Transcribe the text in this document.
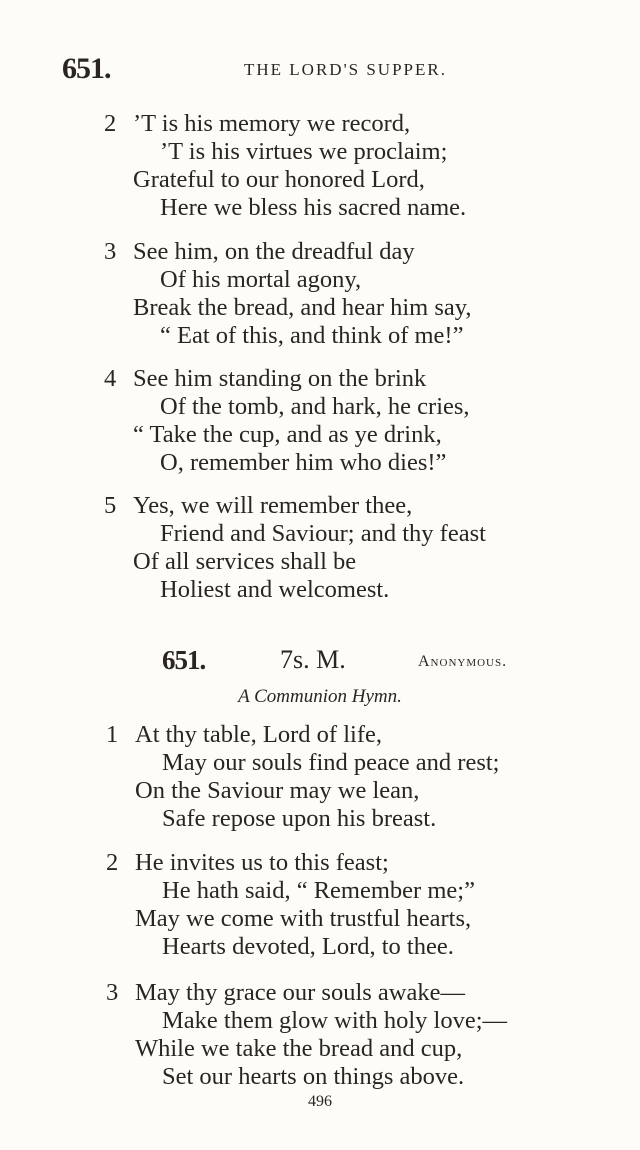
651.	THE LORD'S SUPPER.
2 ’T is his memory we record,
’T is his virtues we proclaim;
Grateful to our honored Lord,
Here we bless his sacred name.
3 See him, on the dreadful day
Of his mortal agony,
Break the bread, and hear him say,
“ Eat of this, and think of me!”
4 See him standing on the brink
Of the tomb, and hark, he cries,
“ Take the cup, and as ye drink,
O, remember him who dies!”
5 Yes, we will remember thee,
Friend and Saviour; and thy feast
Of all services shall be
Holiest and welcomest.
651.	7s. M.	Anonymous.
A Communion Hymn.
1 At thy table, Lord of life,
May our souls find peace and rest;
On the Saviour may we lean,
Safe repose upon his breast.
2 He invites us to this feast;
He hath said, “ Remember me;”
May we come with trustful hearts,
Hearts devoted, Lord, to thee.
3 May thy grace our souls awake—
Make them glow with holy love;—
While we take the bread and cup,
Set our hearts on things above.
496
